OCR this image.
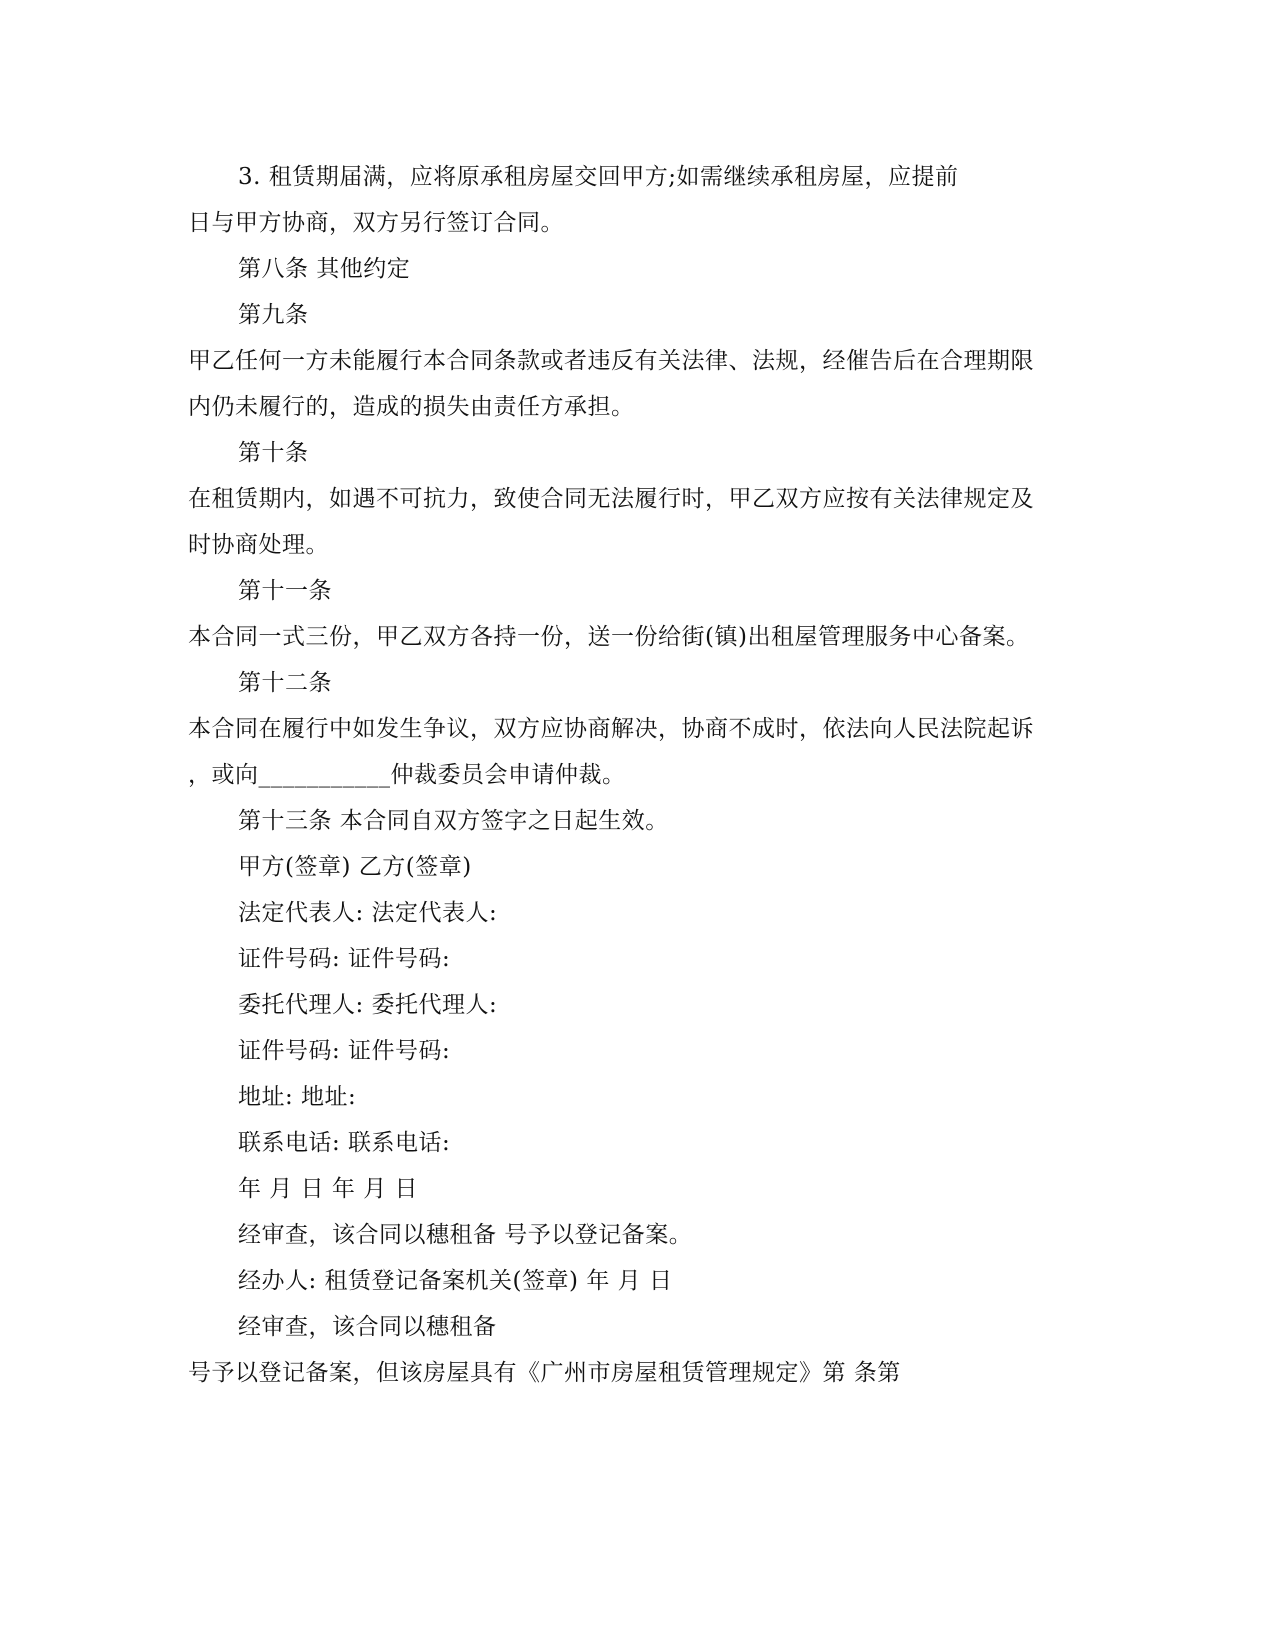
3. 租赁期届满，应将原承租房屋交回甲方;如需继续承租房屋，应提前
日与甲方协商，双方另行签订合同。
第八条 其他约定
第九条
甲乙任何一方未能履行本合同条款或者违反有关法律、法规，经催告后在合理期限
内仍未履行的，造成的损失由责任方承担。
第十条
在租赁期内，如遇不可抗力，致使合同无法履行时，甲乙双方应按有关法律规定及
时协商处理。
第十一条
本合同一式三份，甲乙双方各持一份，送一份给街(镇)出租屋管理服务中心备案。
第十二条
本合同在履行中如发生争议，双方应协商解决，协商不成时，依法向人民法院起诉
，或向___________仲裁委员会申请仲裁。
第十三条 本合同自双方签字之日起生效。
甲方(签章) 乙方(签章)
法定代表人: 法定代表人:
证件号码: 证件号码:
委托代理人: 委托代理人:
证件号码: 证件号码:
地址: 地址:
联系电话: 联系电话:
年 月 日 年 月 日
经审查，该合同以穗租备 号予以登记备案。
经办人: 租赁登记备案机关(签章) 年 月 日
经审查，该合同以穗租备
号予以登记备案，但该房屋具有《广州市房屋租赁管理规定》第 条第
